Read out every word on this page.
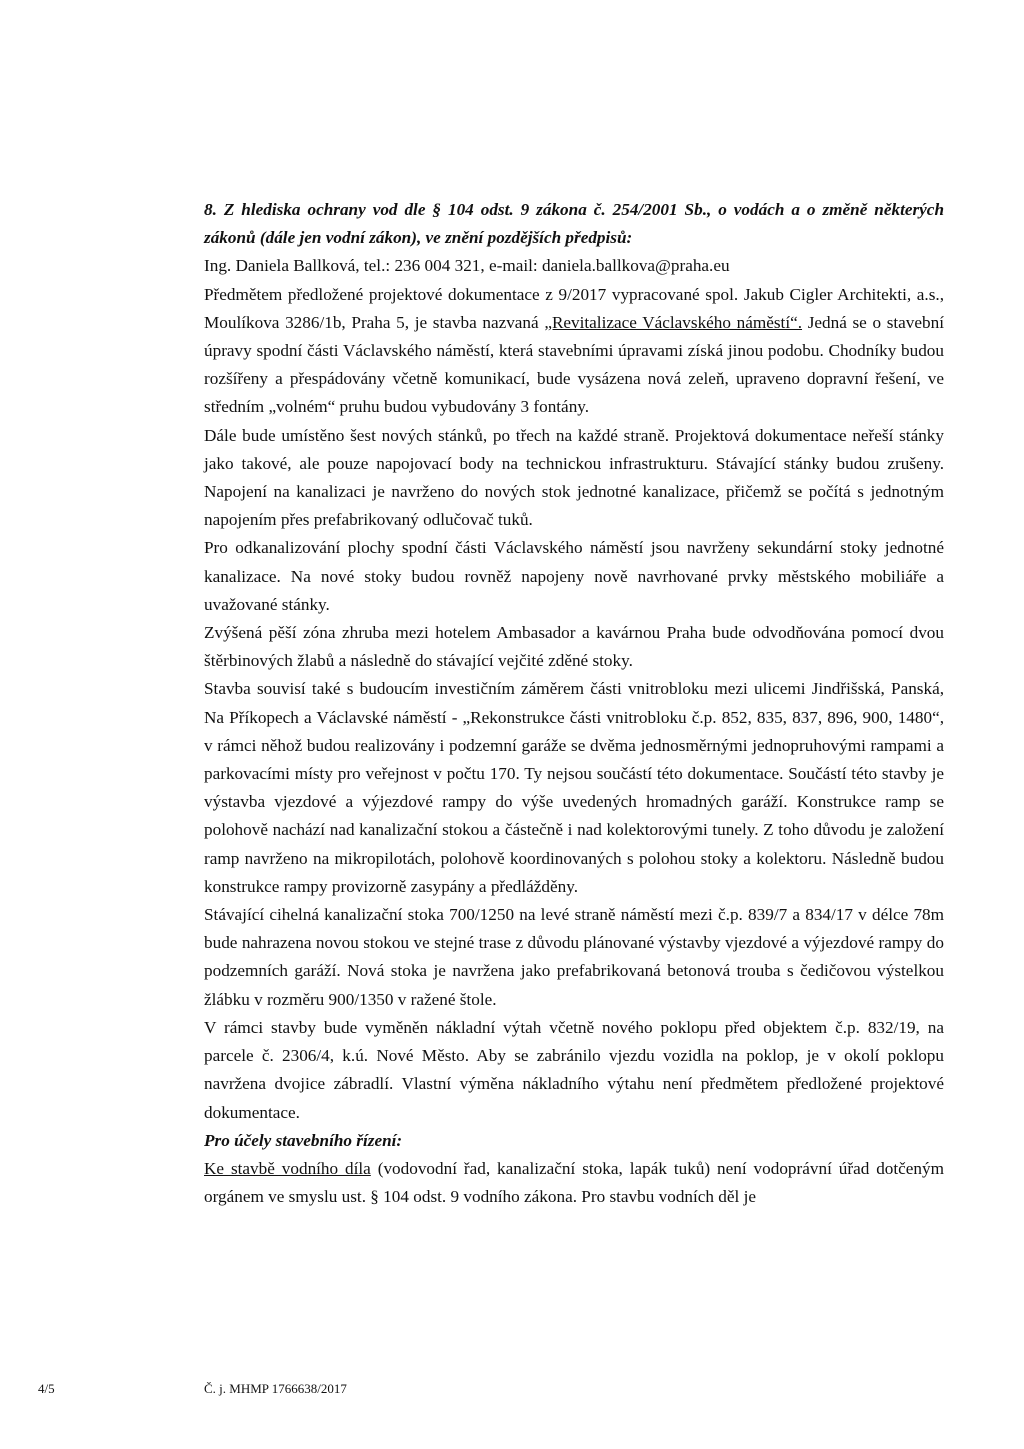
8. Z hlediska ochrany vod dle § 104 odst. 9 zákona č. 254/2001 Sb., o vodách a o změně některých zákonů (dále jen vodní zákon), ve znění pozdějších předpisů:

Ing. Daniela Ballková, tel.: 236 004 321, e-mail: daniela.ballkova@praha.eu

Předmětem předložené projektové dokumentace z 9/2017 vypracované spol. Jakub Cigler Architekti, a.s., Moulíkova 3286/1b, Praha 5, je stavba nazvaná „Revitalizace Václavského náměstí“. Jedná se o stavební úpravy spodní části Václavského náměstí, která stavebními úpravami získá jinou podobu. Chodníky budou rozšířeny a přespádovány včetně komunikací, bude vysázena nová zeleň, upraveno dopravní řešení, ve středním „volném“ pruhu budou vybudovány 3 fontány.

Dále bude umístěno šest nových stánků, po třech na každé straně. Projektová dokumentace neřeší stánky jako takové, ale pouze napojovací body na technickou infrastrukturu. Stávající stánky budou zrušeny. Napojení na kanalizaci je navrženo do nových stok jednotné kanalizace, přičemž se počítá s jednotným napojením přes prefabrikovaný odlučovač tuků.

Pro odkanalizování plochy spodní části Václavského náměstí jsou navrženy sekundární stoky jednotné kanalizace. Na nové stoky budou rovněž napojeny nově navrhované prvky městského mobiliáře a uvažované stánky.

Zvýšená pěší zóna zhruba mezi hotelem Ambasador a kavárnou Praha bude odvodňována pomocí dvou štěrbinových žlabů a následně do stávající vejčité zděné stoky.

Stavba souvisí také s budoucím investičním záměrem části vnitrobloku mezi ulicemi Jindřišská, Panská, Na Příkopech a Václavské náměstí - „Rekonstrukce části vnitrobloku č.p. 852, 835, 837, 896, 900, 1480“, v rámci něhož budou realizovány i podzemní garáže se dvěma jednosměrnými jednopruhovými rampami a parkovacími místy pro veřejnost v počtu 170. Ty nejsou součástí této dokumentace. Součástí této stavby je výstavba vjezdové a výjezdové rampy do výše uvedených hromadných garáží. Konstrukce ramp se polohově nachází nad kanalizační stokou a částečně i nad kolektorovými tunely. Z toho důvodu je založení ramp navrženo na mikropilotách, polohově koordinovaných s polohou stoky a kolektoru. Následně budou konstrukce rampy provizorně zasypány a předlážděny.

Stávající cihelná kanalizační stoka 700/1250 na levé straně náměstí mezi č.p. 839/7 a 834/17 v délce 78m bude nahrazena novou stokou ve stejné trase z důvodu plánované výstavby vjezdové a výjezdové rampy do podzemních garáží. Nová stoka je navržena jako prefabrikovaná betonová trouba s čedičovou výstelkou žlábku v rozměru 900/1350 v ražené štole.

V rámci stavby bude vyměněn nákladní výtah včetně nového poklopu před objektem č.p. 832/19, na parcele č. 2306/4, k.ú. Nové Město. Aby se zabránilo vjezdu vozidla na poklop, je v okolí poklopu navržena dvojice zábradlí. Vlastní výměna nákladního výtahu není předmětem předložené projektové dokumentace.

Pro účely stavebního řízení:

Ke stavbě vodního díla (vodovodní řad, kanalizační stoka, lapák tuků) není vodoprávní úřad dotčeným orgánem ve smyslu ust. § 104 odst. 9 vodního zákona. Pro stavbu vodních děl je

4/5	Č. j. MHMP 1766638/2017
